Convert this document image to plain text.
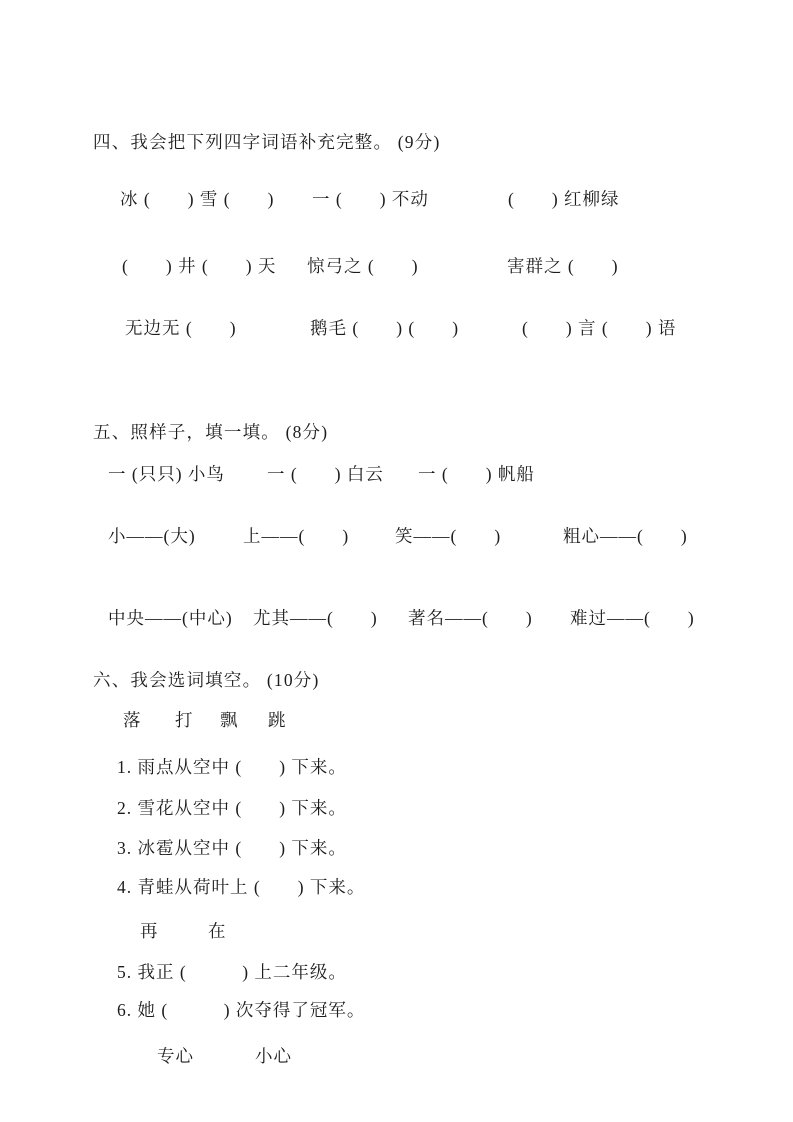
四、我会把下列四字词语补充完整。 (9分)
冰 (　　) 雪 (　　) 一 (　　) 不动	(　　) 红柳绿
(　　) 井 (　　) 天 惊弓之 (　　)	害群之 (　　)
无边无 (　　)	鹅毛 (　　) (　　)	(　　) 言 (　　) 语
五、照样子，填一填。 (8分)
一 (只只) 小鸟 一 (　　) 白云 一 (　　) 帆船
小——(大)	上——(　　)	笑——(　　)	粗心——(　　)
中央——(中心) 尤其——(　　) 著名——(　　) 难过——(　　)
六、我会选词填空。 (10分)
落 打 飘 跳
1. 雨点从空中 (　　) 下来。
2. 雪花从空中 (　　) 下来。
3. 冰雹从空中 (　　) 下来。
4. 青蛙从荷叶上 (　　) 下来。
再	在
5. 我正 (　　　) 上二年级。
6. 她 (　　　) 次夺得了冠军。
专心	小心
